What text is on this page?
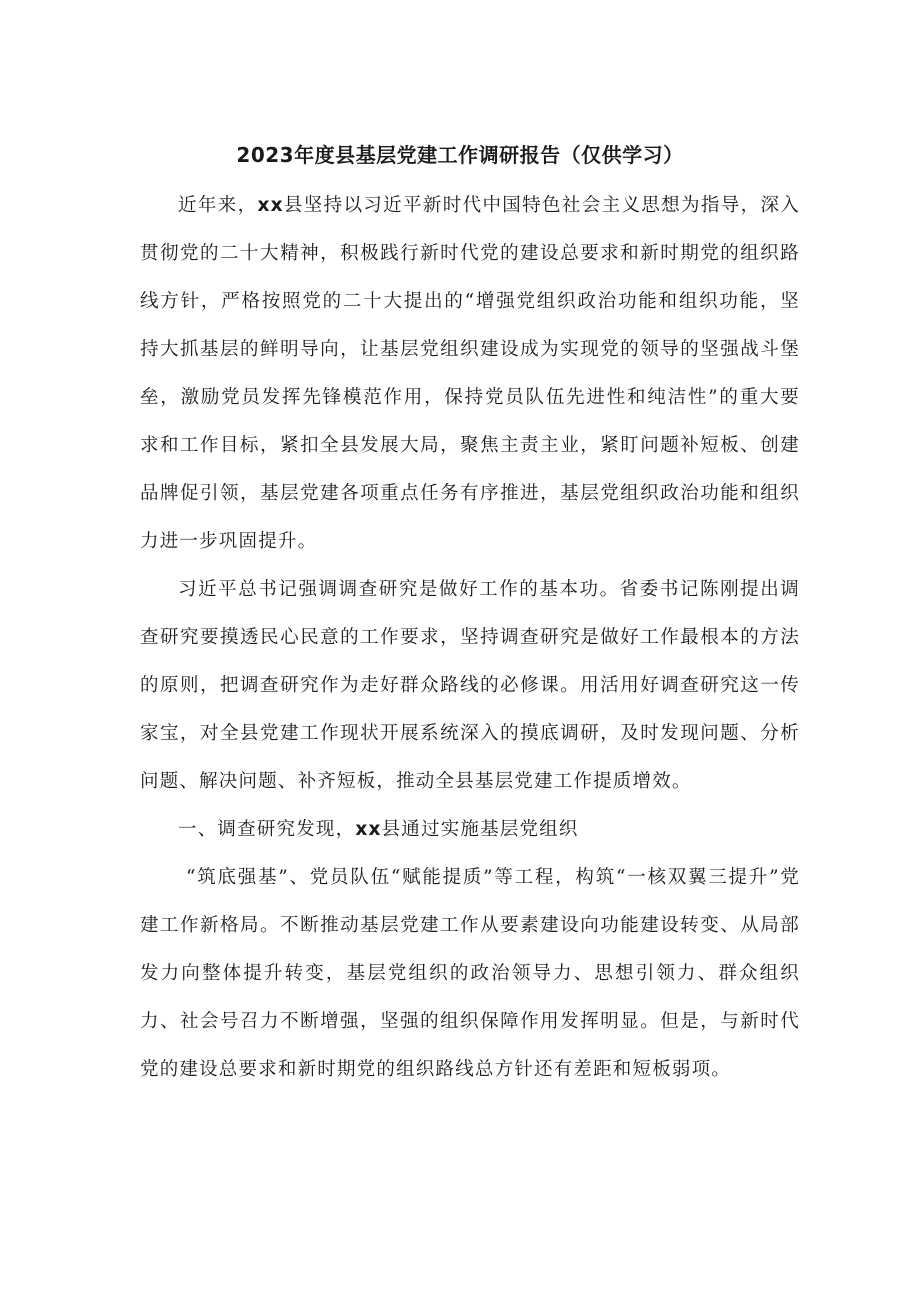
2023年度县基层党建工作调研报告（仅供学习）

近年来，xx县坚持以习近平新时代中国特色社会主义思想为指导，深入贯彻党的二十大精神，积极践行新时代党的建设总要求和新时期党的组织路线方针，严格按照党的二十大提出的“增强党组织政治功能和组织功能，坚持大抓基层的鲜明导向，让基层党组织建设成为实现党的领导的坚强战斗堡垒，激励党员发挥先锋模范作用，保持党员队伍先进性和纯洁性”的重大要求和工作目标，紧扣全县发展大局，聚焦主责主业，紧盯问题补短板、创建品牌促引领，基层党建各项重点任务有序推进，基层党组织政治功能和组织力进一步巩固提升。

习近平总书记强调调查研究是做好工作的基本功。省委书记陈刚提出调查研究要摸透民心民意的工作要求，坚持调查研究是做好工作最根本的方法的原则，把调查研究作为走好群众路线的必修课。用活用好调查研究这一传家宝，对全县党建工作现状开展系统深入的摸底调研，及时发现问题、分析问题、解决问题、补齐短板，推动全县基层党建工作提质增效。

一、调查研究发现，xx县通过实施基层党组织

“筑底强基”、党员队伍“赋能提质”等工程，构筑“一核双翼三提升”党建工作新格局。不断推动基层党建工作从要素建设向功能建设转变、从局部发力向整体提升转变，基层党组织的政治领导力、思想引领力、群众组织力、社会号召力不断增强，坚强的组织保障作用发挥明显。但是，与新时代党的建设总要求和新时期党的组织路线总方针还有差距和短板弱项。
